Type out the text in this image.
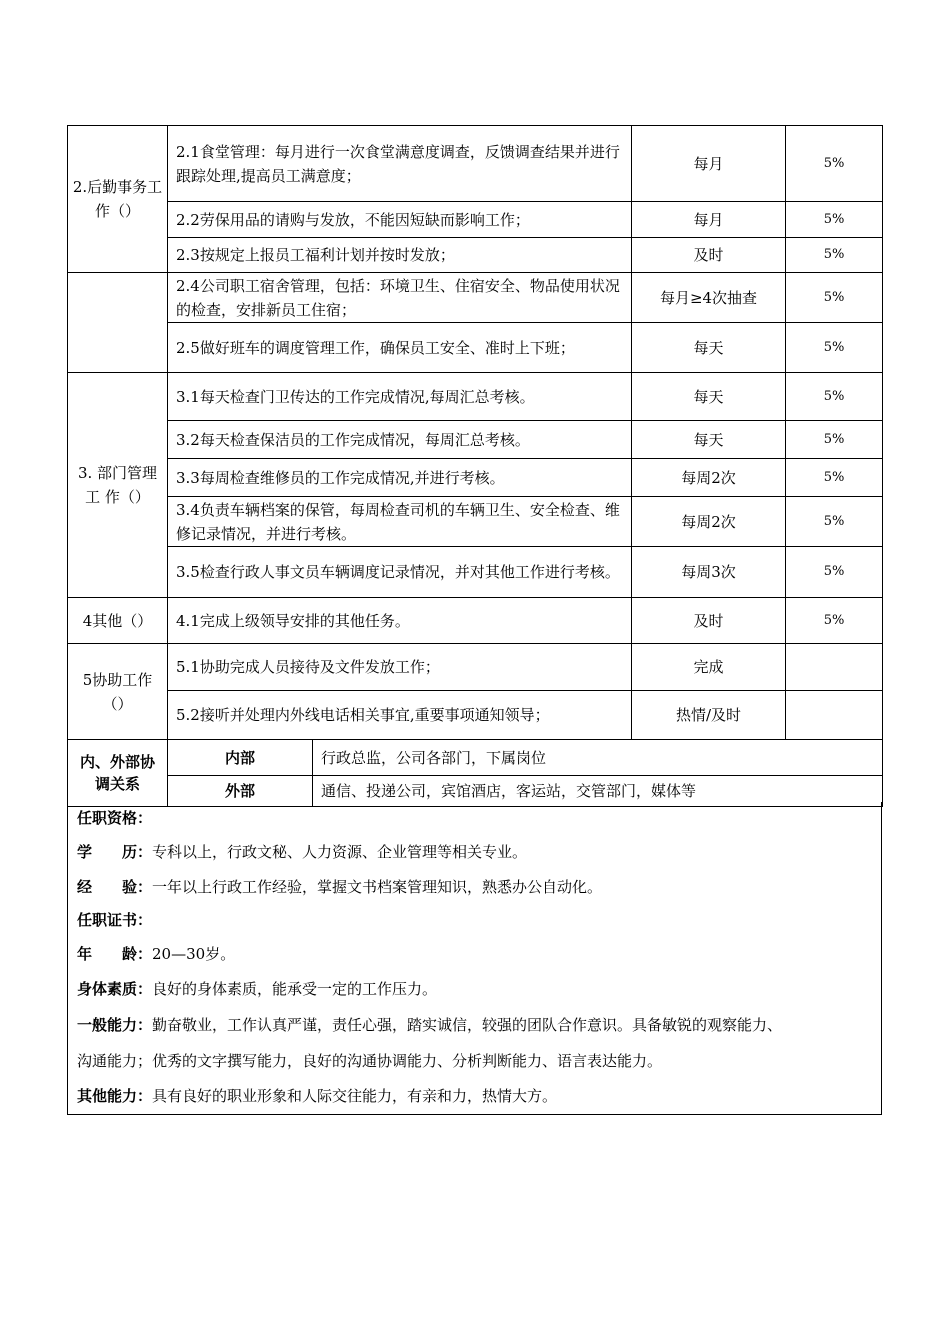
2.后勤事务工作（）	2.1食堂管理：每月进行一次食堂满意度调查，反馈调查结果并进行跟踪处理,提高员工满意度；	每月	5%
	2.2劳保用品的请购与发放，不能因短缺而影响工作；	每月	5%
	2.3按规定上报员工福利计划并按时发放；	及时	5%
	2.4公司职工宿舍管理，包括：环境卫生、住宿安全、物品使用状况的检查，安排新员工住宿；	每月≥4次抽查	5%
	2.5做好班车的调度管理工作，确保员工安全、准时上下班；	每天	5%
3. 部门管理 工 作（）	3.1每天检查门卫传达的工作完成情况,每周汇总考核。	每天	5%
	3.2每天检查保洁员的工作完成情况，每周汇总考核。	每天	5%
	3.3每周检查维修员的工作完成情况,并进行考核。	每周2次	5%
	3.4负责车辆档案的保管，每周检查司机的车辆卫生、安全检查、维修记录情况，并进行考核。	每周2次	5%
	3.5检查行政人事文员车辆调度记录情况，并对其他工作进行考核。	每周3次	5%
4其他（）	4.1完成上级领导安排的其他任务。	及时	5%
5协助工作（）	5.1协助完成人员接待及文件发放工作；	完成	
	5.2接听并处理内外线电话相关事宜,重要事项通知领导；	热情/及时	
内、外部协调关系	内部	行政总监，公司各部门，下属岗位
	外部	通信、投递公司，宾馆酒店，客运站，交管部门，媒体等
任职资格：
学　　历：专科以上，行政文秘、人力资源、企业管理等相关专业。
经　　验：一年以上行政工作经验，掌握文书档案管理知识，熟悉办公自动化。
任职证书：
年　　龄：20—30岁。
身体素质：良好的身体素质，能承受一定的工作压力。
一般能力：勤奋敬业，工作认真严谨，责任心强，踏实诚信，较强的团队合作意识。具备敏锐的观察能力、
沟通能力；优秀的文字撰写能力，良好的沟通协调能力、分析判断能力、语言表达能力。
其他能力：具有良好的职业形象和人际交往能力，有亲和力，热情大方。
